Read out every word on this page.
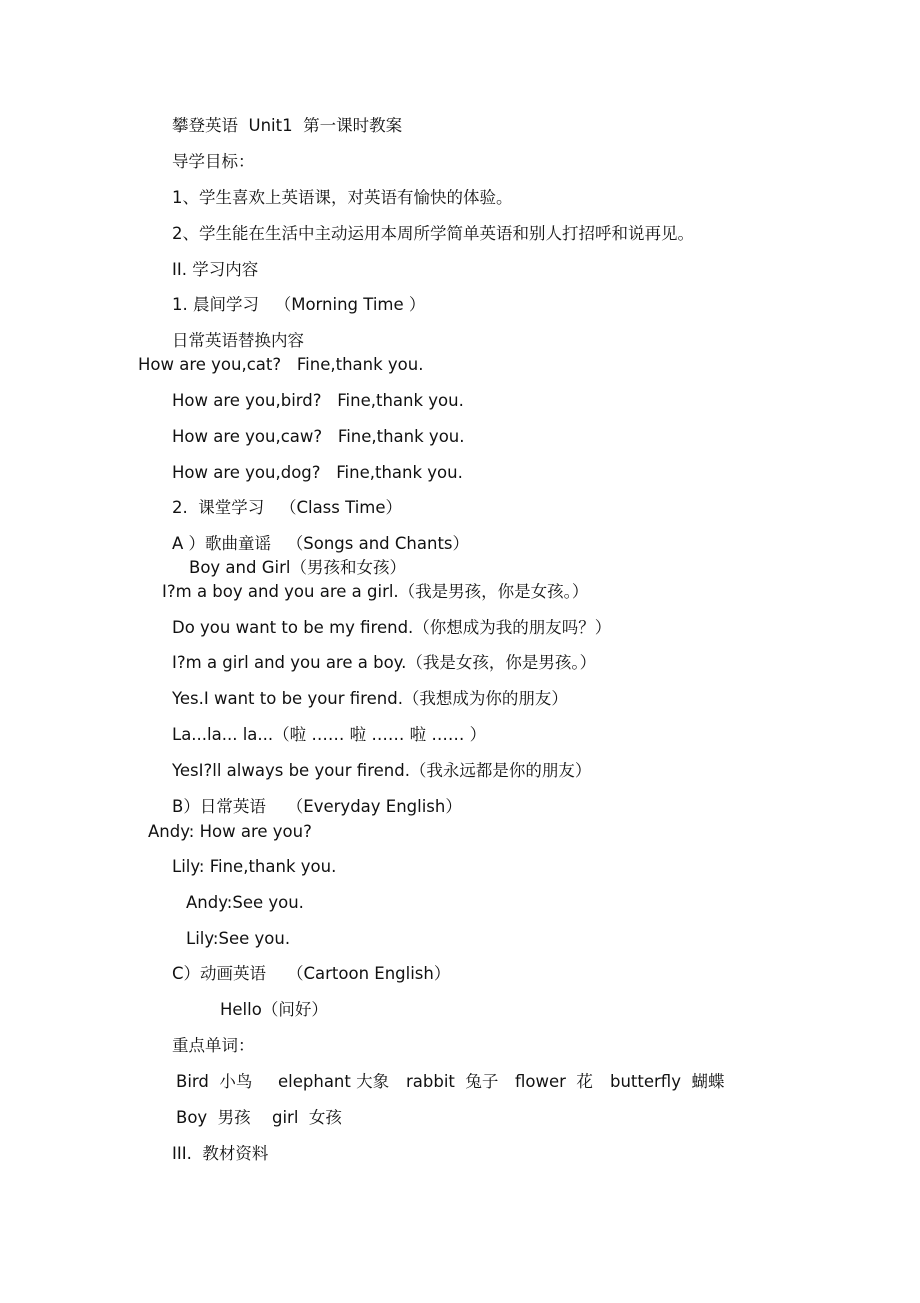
攀登英语  Unit1  第一课时教案
导学目标：
1、学生喜欢上英语课，对英语有愉快的体验。
2、学生能在生活中主动运用本周所学简单英语和别人打招呼和说再见。
II. 学习内容
1. 晨间学习   （Morning Time ）
日常英语替换内容
How are you,cat?   Fine,thank you.
How are you,bird?   Fine,thank you.
How are you,caw?   Fine,thank you.
How are you,dog?   Fine,thank you.
2.  课堂学习   （Class Time）
A ）歌曲童谣   （Songs and Chants）
Boy and Girl（男孩和女孩）
I?m a boy and you are a girl.（我是男孩，你是女孩。）
Do you want to be my firend.（你想成为我的朋友吗？）
I?m a girl and you are a boy.（我是女孩，你是男孩。）
Yes.I want to be your firend.（我想成为你的朋友）
La...la... la...（啦 …… 啦 …… 啦 …… ）
YesI?ll always be your firend.（我永远都是你的朋友）
B）日常英语    （Everyday English）
Andy: How are you?
Lily: Fine,thank you.
Andy:See you.
Lily:See you.
C）动画英语    （Cartoon English）
Hello（问好）
重点单词：
Bird  小鸟 elephant 大象 rabbit  兔子 flower  花 butterfly  蝴蝶
Boy  男孩 girl  女孩
III.  教材资料
